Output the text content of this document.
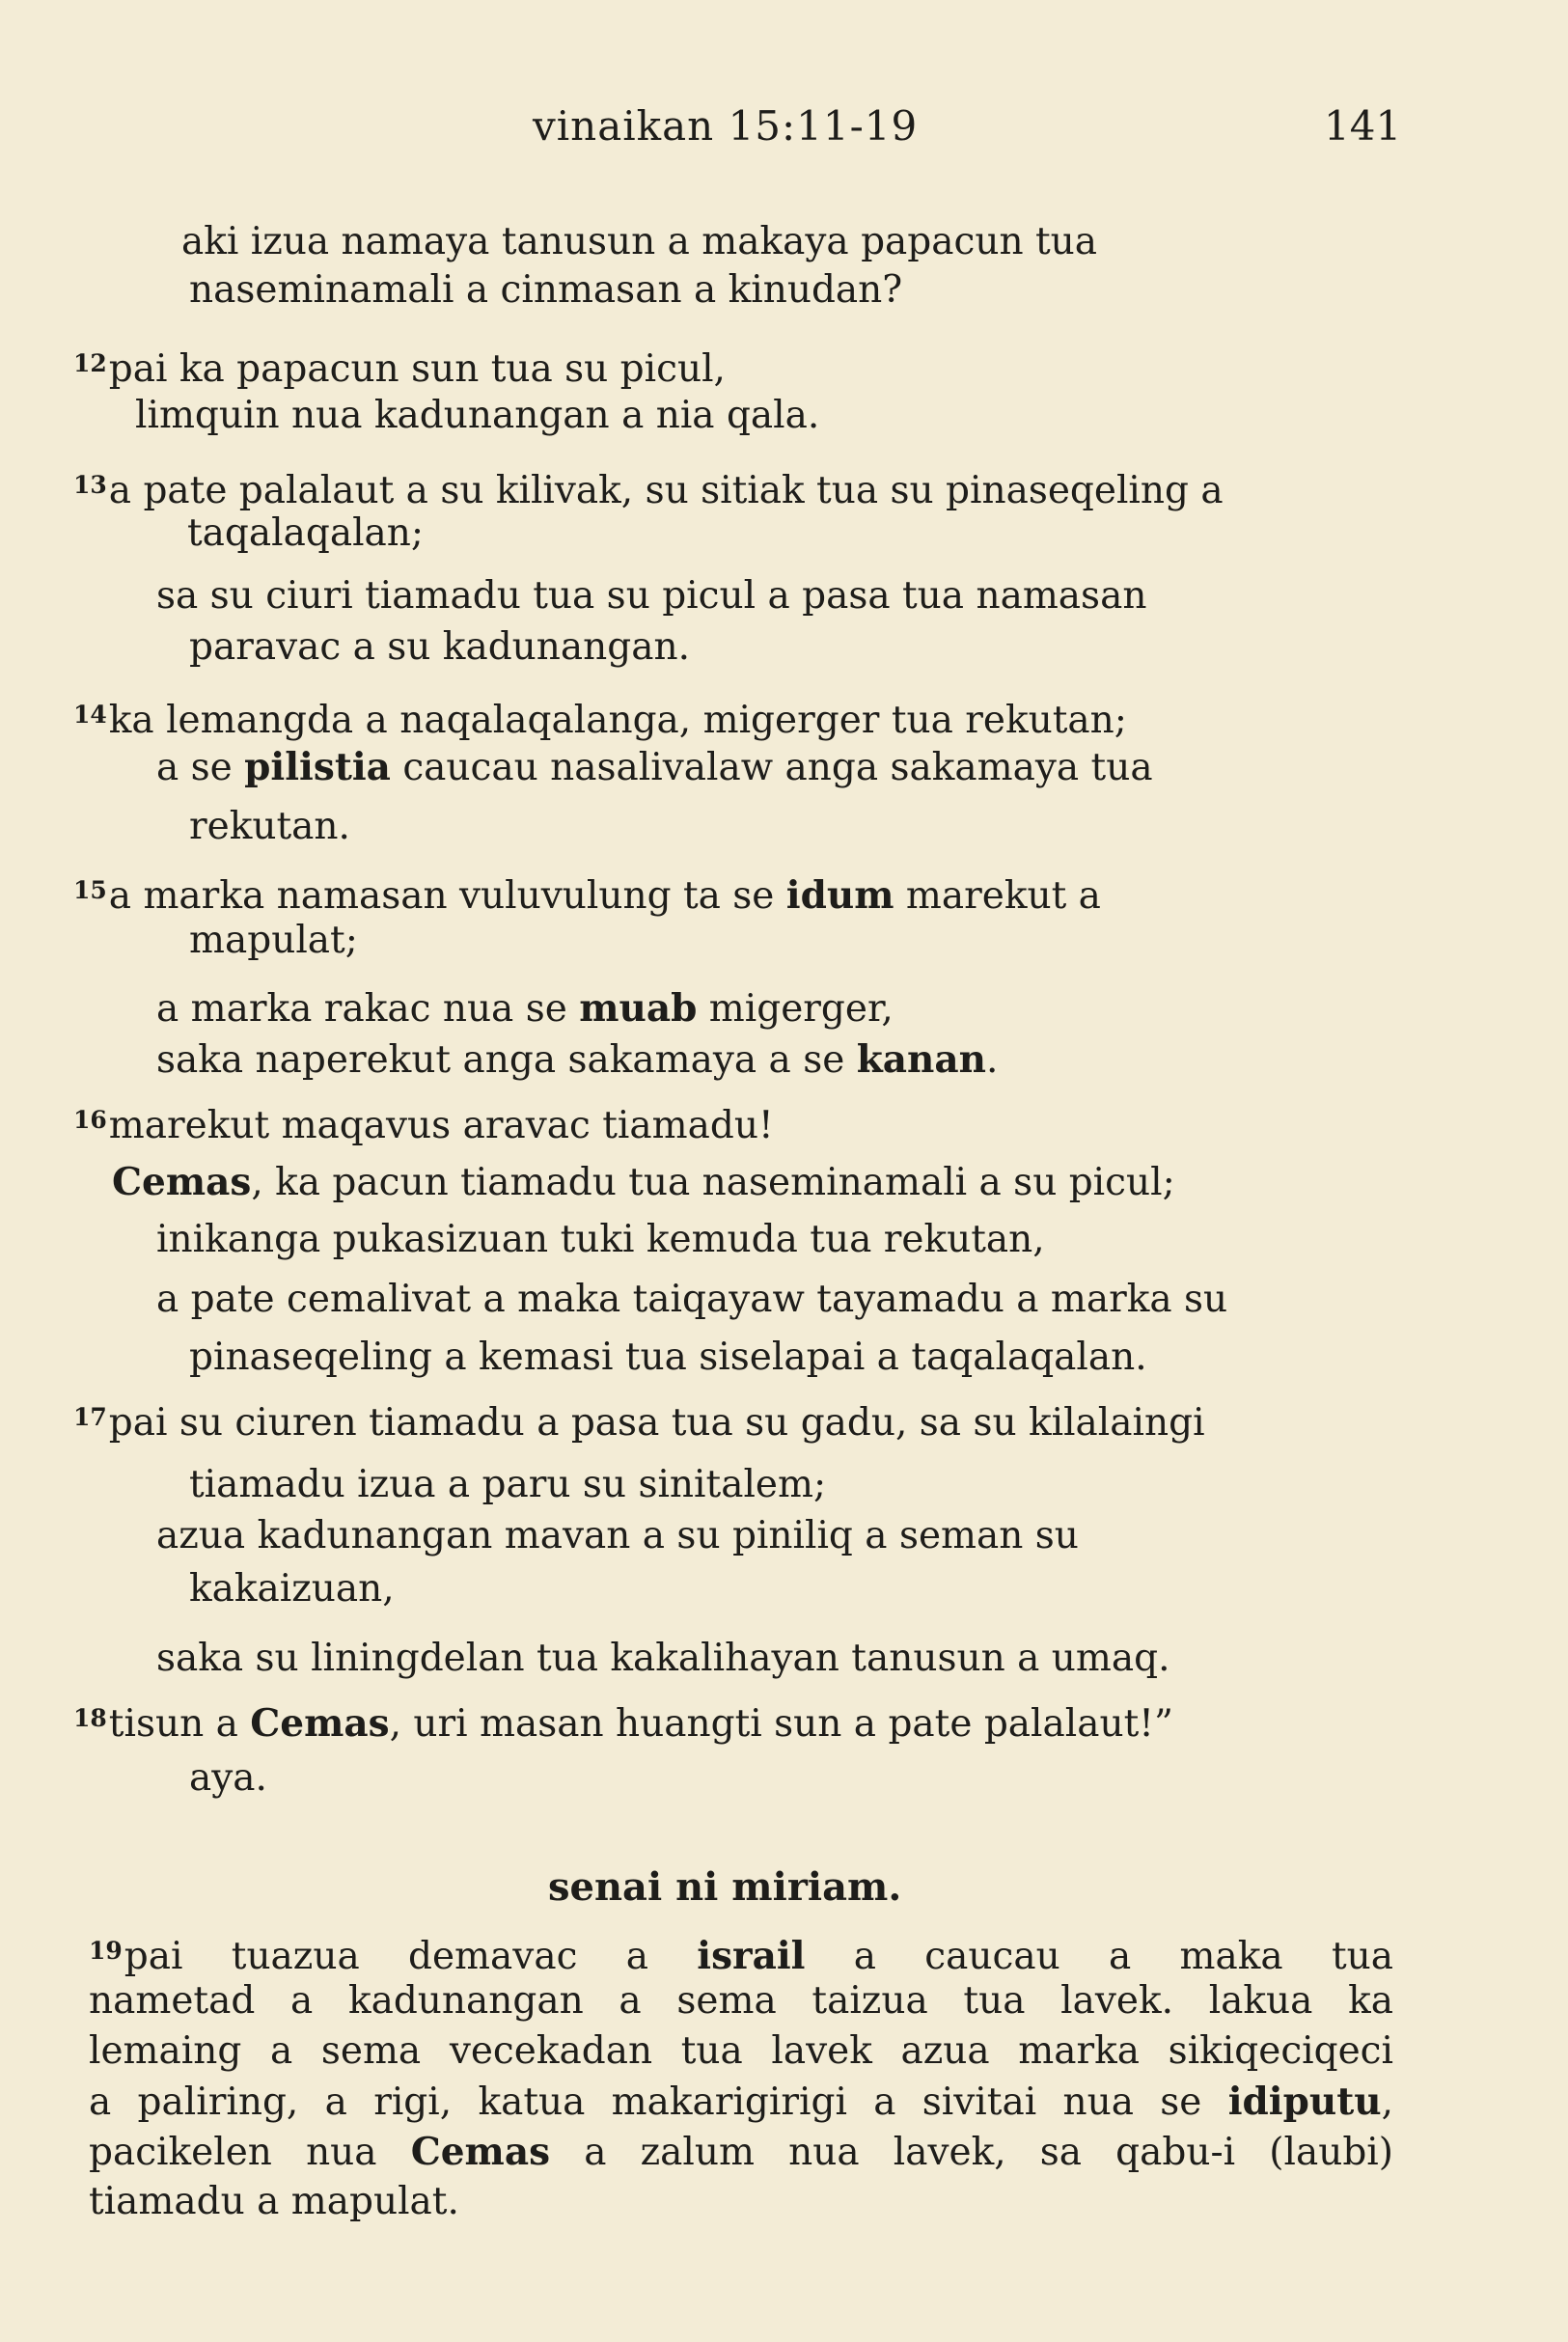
vinaikan 15:11-19	141
aki izua namaya tanusun a makaya papacun tua
naseminamali a cinmasan a kinudan?
$^{12}$pai ka papacun sun tua su picul,
limquin nua kadunangan a nia qala.
$^{13}$a pate palalaut a su kilivak, su sitiak tua su pinaseqeling a
taqalaqalan;
sa su ciuri tiamadu tua su picul a pasa tua namasan
paravac a su kadunangan.
$^{14}$ka lemangda a naqalaqalanga, migerger tua rekutan;
a se pilistia caucau nasalivalaw anga sakamaya tua
rekutan.
$^{15}$a marka namasan vuluvulung ta se idum marekut a
mapulat;
a marka rakac nua se muab migerger,
saka naperekut anga sakamaya a se kanan.
$^{16}$marekut maqavus aravac tiamadu!
Cemas, ka pacun tiamadu tua naseminamali a su picul;
inikanga pukasizuan tuki kemuda tua rekutan,
a pate cemalivat a maka taiqayaw tayamadu a marka su
pinaseqeling a kemasi tua siselapai a taqalaqalan.
$^{17}$pai su ciuren tiamadu a pasa tua su gadu, sa su kilalaingi
tiamadu izua a paru su sinitalem;
azua kadunangan mavan a su piniliq a seman su
kakaizuan,
saka su liningdelan tua kakalihayan tanusun a umaq.
$^{18}$tisun a Cemas, uri masan huangti sun a pate palalaut!”
aya.
senai ni miriam.
$^{19}$pai tuazua demavac a israil a caucau a maka tua
nametad a kadunangan a sema taizua tua lavek. lakua ka
lemaing a sema vecekadan tua lavek azua marka sikiqeciqeci
a paliring, a rigi, katua makarigirigi a sivitai nua se idiputu,
pacikelen nua Cemas a zalum nua lavek, sa qabu-i (laubi)
tiamadu a mapulat.
